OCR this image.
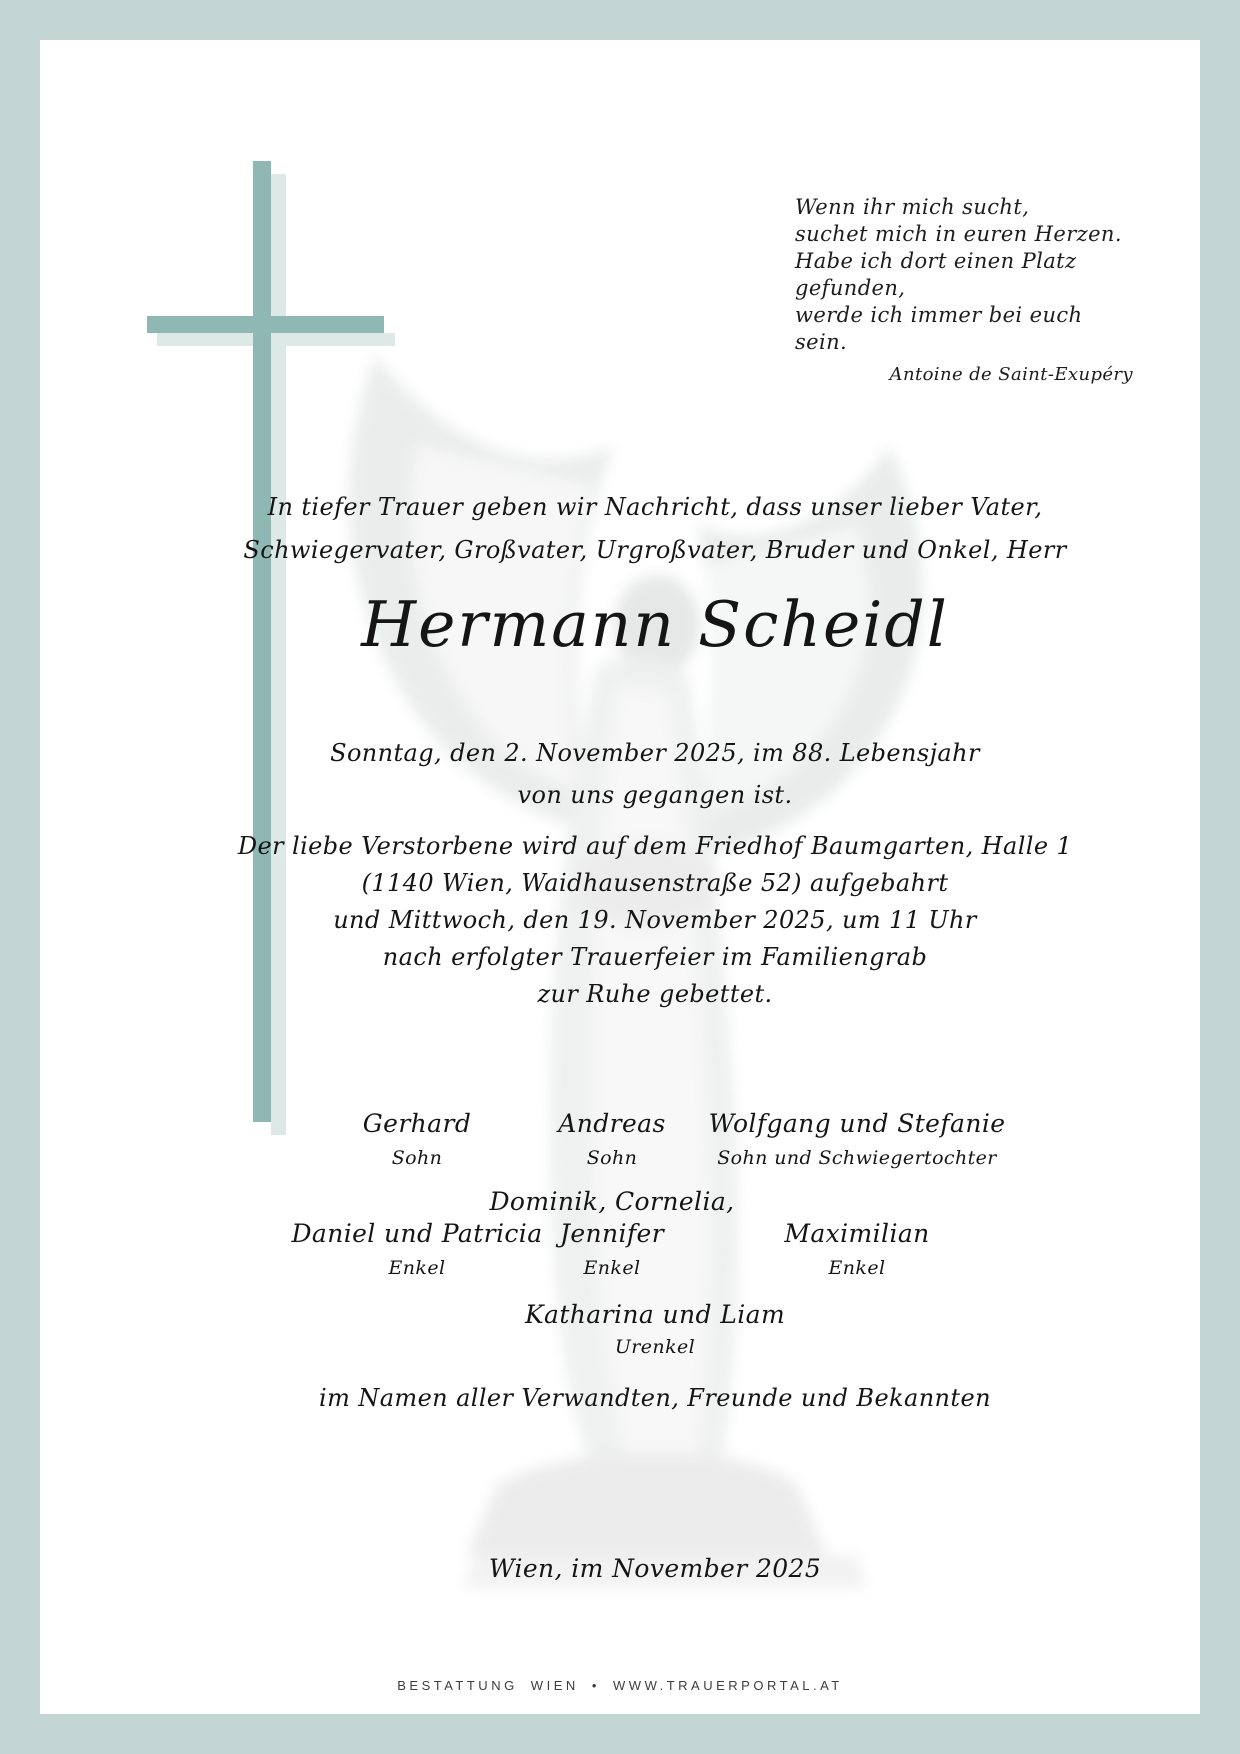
Wenn ihr mich sucht,
suchet mich in euren Herzen.
Habe ich dort einen Platz gefunden,
werde ich immer bei euch sein.
Antoine de Saint-Exupéry
In tiefer Trauer geben wir Nachricht, dass unser lieber Vater,
Schwiegervater, Großvater, Urgroßvater, Bruder und Onkel, Herr
Hermann Scheidl
Sonntag, den 2. November 2025, im 88. Lebensjahr
von uns gegangen ist.
Der liebe Verstorbene wird auf dem Friedhof Baumgarten, Halle 1
(1140 Wien, Waidhausenstraße 52) aufgebahrt
und Mittwoch, den 19. November 2025, um 11 Uhr
nach erfolgter Trauerfeier im Familiengrab
zur Ruhe gebettet.
Gerhard
Sohn
Andreas
Sohn
Wolfgang und Stefanie
Sohn und Schwiegertochter
Daniel und Patricia
Enkel
Dominik, Cornelia,
Jennifer
Enkel
Maximilian
Enkel
Katharina und Liam
Urenkel
im Namen aller Verwandten, Freunde und Bekannten
Wien, im November 2025
BESTATTUNG WIEN • WWW.TRAUERPORTAL.AT
